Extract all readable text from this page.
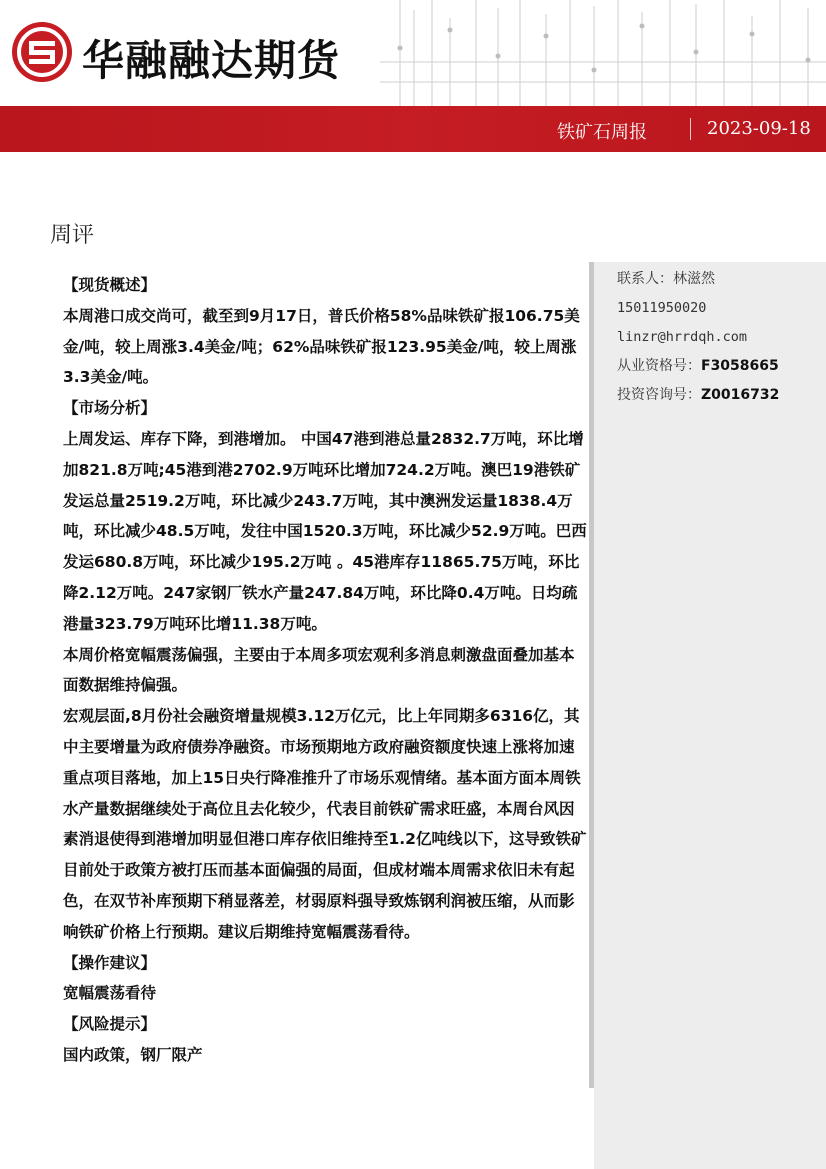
华融融达期货
铁矿石周报	2023-09-18
周评

【现货概述】

本周港口成交尚可，截至到9月17日，普氏价格58%品味铁矿报106.75美金/吨，较上周涨3.4美金/吨；62%品味铁矿报123.95美金/吨，较上周涨3.3美金/吨。

【市场分析】

上周发运、库存下降，到港增加。 中国47港到港总量2832.7万吨，环比增加821.8万吨;45港到港2702.9万吨环比增加724.2万吨。澳巴19港铁矿发运总量2519.2万吨，环比减少243.7万吨，其中澳洲发运量1838.4万吨，环比减少48.5万吨，发往中国1520.3万吨，环比减少52.9万吨。巴西发运680.8万吨，环比减少195.2万吨 。45港库存11865.75万吨，环比降2.12万吨。247家钢厂铁水产量247.84万吨，环比降0.4万吨。日均疏港量323.79万吨环比增11.38万吨。

本周价格宽幅震荡偏强，主要由于本周多项宏观利多消息刺激盘面叠加基本面数据维持偏强。

宏观层面,8月份社会融资增量规模3.12万亿元，比上年同期多6316亿，其中主要增量为政府债券净融资。市场预期地方政府融资额度快速上涨将加速重点项目落地，加上15日央行降准推升了市场乐观情绪。基本面方面本周铁水产量数据继续处于高位且去化较少，代表目前铁矿需求旺盛，本周台风因素消退使得到港增加明显但港口库存依旧维持至1.2亿吨线以下，这导致铁矿目前处于政策方被打压而基本面偏强的局面，但成材端本周需求依旧未有起色，在双节补库预期下稍显落差，材弱原料强导致炼钢利润被压缩，从而影响铁矿价格上行预期。建议后期维持宽幅震荡看待。

【操作建议】

宽幅震荡看待

【风险提示】

国内政策，钢厂限产

联系人：林滋然
15011950020
linzr@hrrdqh.com
从业资格号：F3058665
投资咨询号：Z0016732
